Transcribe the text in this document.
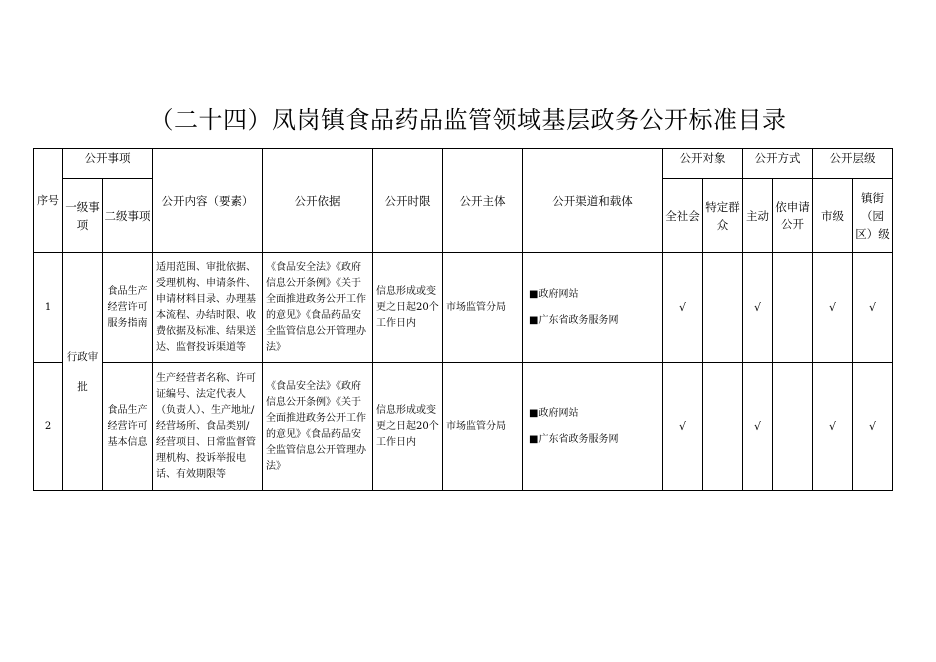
（二十四）凤岗镇食品药品监管领域基层政务公开标准目录
序号	公开事项		公开内容（要素）	公开依据	公开时限	公开主体	公开渠道和载体	公开对象		公开方式		公开层级	
	一级事项	二级事项						全社会	特定群众	主动	依申请公开	市级	镇街（园区）级
1	行政审批	食品生产经营许可服务指南	适用范围、审批依据、受理机构、申请条件、申请材料目录、办理基本流程、办结时限、收费依据及标准、结果送达、监督投诉渠道等	《食品安全法》《政府信息公开条例》《关于全面推进政务公开工作的意见》《食品药品安全监管信息公开管理办法》	信息形成或变更之日起20个工作日内	市场监管分局	■政府网站
■广东省政务服务网	√		√		√	√
2		食品生产经营许可基本信息	生产经营者名称、许可证编号、法定代表人（负责人）、生产地址/经营场所、食品类别/经营项目、日常监督管理机构、投诉举报电话、有效期限等	《食品安全法》《政府信息公开条例》《关于全面推进政务公开工作的意见》《食品药品安全监管信息公开管理办法》	信息形成或变更之日起20个工作日内	市场监管分局	■政府网站
■广东省政务服务网	√		√		√	√
